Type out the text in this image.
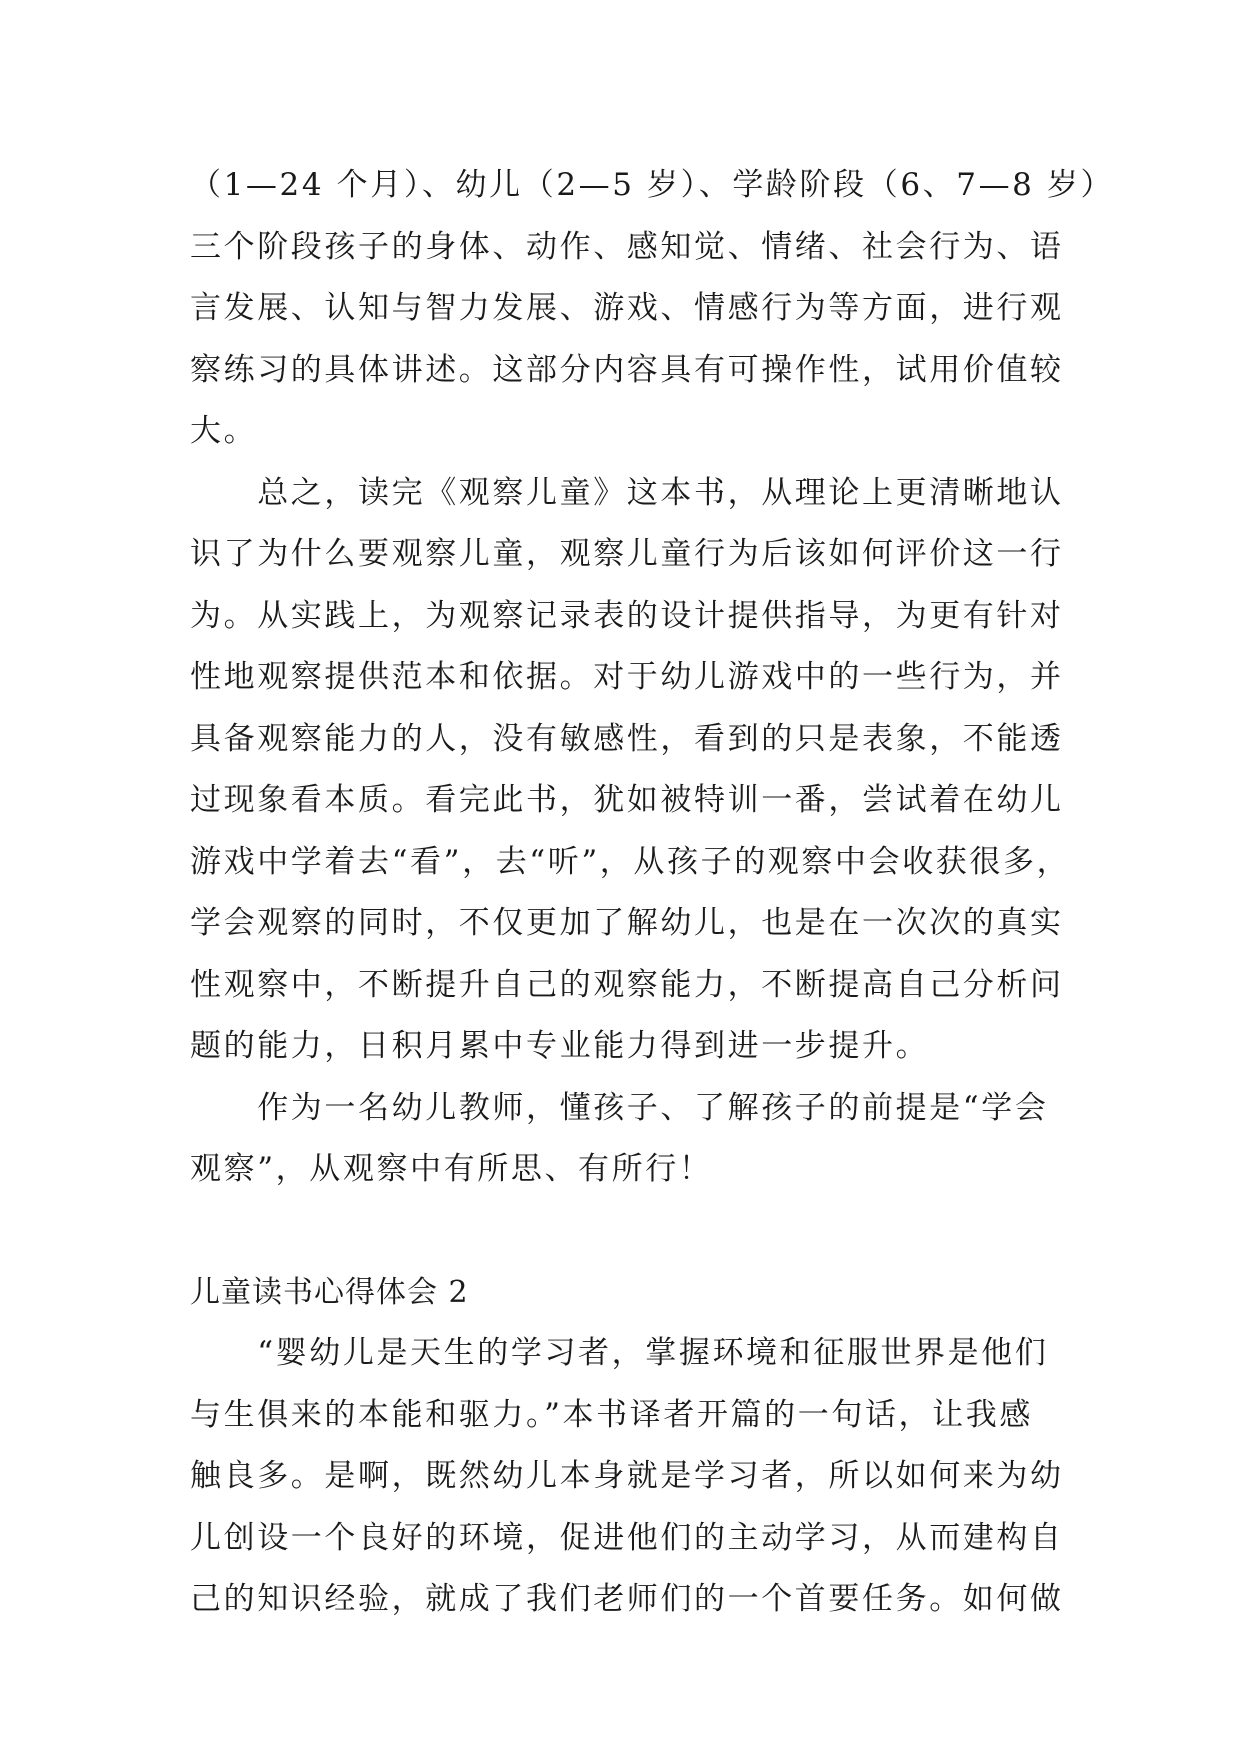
（1—24 个月）、幼儿（2—5 岁）、学龄阶段（6、7—8 岁）
三个阶段孩子的身体、动作、感知觉、情绪、社会行为、语
言发展、认知与智力发展、游戏、情感行为等方面，进行观
察练习的具体讲述。这部分内容具有可操作性，试用价值较
大。
　　总之，读完《观察儿童》这本书，从理论上更清晰地认
识了为什么要观察儿童，观察儿童行为后该如何评价这一行
为。从实践上，为观察记录表的设计提供指导，为更有针对
性地观察提供范本和依据。对于幼儿游戏中的一些行为，并
具备观察能力的人，没有敏感性，看到的只是表象，不能透
过现象看本质。看完此书，犹如被特训一番，尝试着在幼儿
游戏中学着去“看”，去“听”，从孩子的观察中会收获很多，
学会观察的同时，不仅更加了解幼儿，也是在一次次的真实
性观察中，不断提升自己的观察能力，不断提高自己分析问
题的能力，日积月累中专业能力得到进一步提升。
　　作为一名幼儿教师，懂孩子、了解孩子的前提是“学会
观察”，从观察中有所思、有所行！
儿童读书心得体会 2
　　“婴幼儿是天生的学习者，掌握环境和征服世界是他们
与生俱来的本能和驱力。”本书译者开篇的一句话，让我感
触良多。是啊，既然幼儿本身就是学习者，所以如何来为幼
儿创设一个良好的环境，促进他们的主动学习，从而建构自
己的知识经验，就成了我们老师们的一个首要任务。如何做
